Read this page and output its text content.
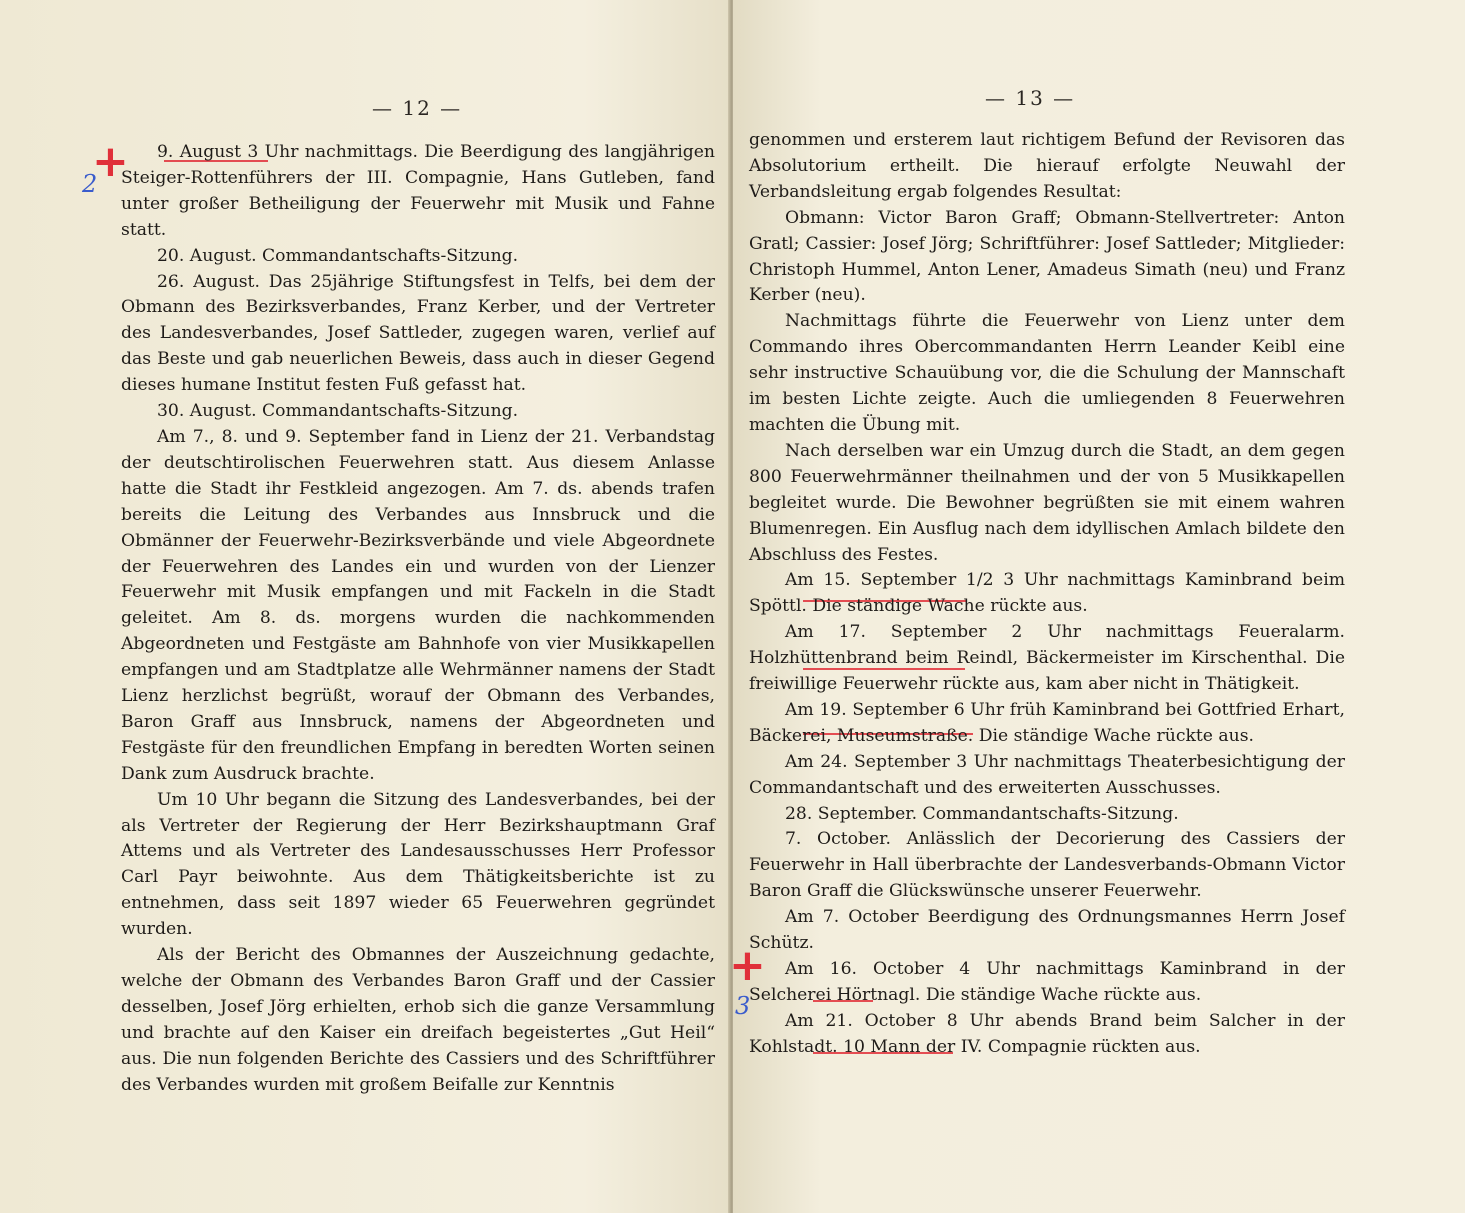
— 12 —
+
2

9. August 3 Uhr nachmittags. Die Beerdigung des langjährigen Steiger-Rottenführers der III. Compagnie, Hans Gutleben, fand unter großer Betheiligung der Feuerwehr mit Musik und Fahne statt.

20. August. Commandantschafts-Sitzung.

26. August. Das 25jährige Stiftungsfest in Telfs, bei dem der Obmann des Bezirksverbandes, Franz Kerber, und der Vertreter des Landesverbandes, Josef Sattleder, zugegen waren, verlief auf das Beste und gab neuerlichen Beweis, dass auch in dieser Gegend dieses humane Institut festen Fuß gefasst hat.

30. August. Commandantschafts-Sitzung.

Am 7., 8. und 9. September fand in Lienz der 21. Verbandstag der deutschtirolischen Feuerwehren statt. Aus diesem Anlasse hatte die Stadt ihr Festkleid angezogen. Am 7. ds. abends trafen bereits die Leitung des Verbandes aus Innsbruck und die Obmänner der Feuerwehr-Bezirksverbände und viele Abgeordnete der Feuerwehren des Landes ein und wurden von der Lienzer Feuerwehr mit Musik empfangen und mit Fackeln in die Stadt geleitet. Am 8. ds. morgens wurden die nachkommenden Abgeordneten und Festgäste am Bahnhofe von vier Musikkapellen empfangen und am Stadtplatze alle Wehrmänner namens der Stadt Lienz herzlichst begrüßt, worauf der Obmann des Verbandes, Baron Graff aus Innsbruck, namens der Abgeordneten und Festgäste für den freundlichen Empfang in beredten Worten seinen Dank zum Ausdruck brachte.

Um 10 Uhr begann die Sitzung des Landesverbandes, bei der als Vertreter der Regierung der Herr Bezirkshauptmann Graf Attems und als Vertreter des Landesausschusses Herr Professor Carl Payr beiwohnte. Aus dem Thätigkeitsberichte ist zu entnehmen, dass seit 1897 wieder 65 Feuerwehren gegründet wurden.

Als der Bericht des Obmannes der Auszeichnung gedachte, welche der Obmann des Verbandes Baron Graff und der Cassier desselben, Josef Jörg erhielten, erhob sich die ganze Versammlung und brachte auf den Kaiser ein dreifach begeistertes „Gut Heil“ aus. Die nun folgenden Berichte des Cassiers und des Schriftführer des Verbandes wurden mit großem Beifalle zur Kenntnis

— 13 —
+
3

genommen und ersterem laut richtigem Befund der Revisoren das Absolutorium ertheilt. Die hierauf erfolgte Neuwahl der Verbandsleitung ergab folgendes Resultat:

Obmann: Victor Baron Graff; Obmann-Stellvertreter: Anton Gratl; Cassier: Josef Jörg; Schriftführer: Josef Sattleder; Mitglieder: Christoph Hummel, Anton Lener, Amadeus Simath (neu) und Franz Kerber (neu).

Nachmittags führte die Feuerwehr von Lienz unter dem Commando ihres Obercommandanten Herrn Leander Keibl eine sehr instructive Schauübung vor, die die Schulung der Mannschaft im besten Lichte zeigte. Auch die umliegenden 8 Feuerwehren machten die Übung mit.

Nach derselben war ein Umzug durch die Stadt, an dem gegen 800 Feuerwehrmänner theilnahmen und der von 5 Musikkapellen begleitet wurde. Die Bewohner begrüßten sie mit einem wahren Blumenregen. Ein Ausflug nach dem idyllischen Amlach bildete den Abschluss des Festes.

Am 15. September 1/2 3 Uhr nachmittags Kaminbrand beim Spöttl. Die ständige Wache rückte aus.

Am 17. September 2 Uhr nachmittags Feueralarm. Holzhüttenbrand beim Reindl, Bäckermeister im Kirschenthal. Die freiwillige Feuerwehr rückte aus, kam aber nicht in Thätigkeit.

Am 19. September 6 Uhr früh Kaminbrand bei Gottfried Erhart, Bäckerei, Museumstraße. Die ständige Wache rückte aus.

Am 24. September 3 Uhr nachmittags Theaterbesichtigung der Commandantschaft und des erweiterten Ausschusses.

28. September. Commandantschafts-Sitzung.

7. October. Anlässlich der Decorierung des Cassiers der Feuerwehr in Hall überbrachte der Landesverbands-Obmann Victor Baron Graff die Glückswünsche unserer Feuerwehr.

Am 7. October Beerdigung des Ordnungsmannes Herrn Josef Schütz.

Am 16. October 4 Uhr nachmittags Kaminbrand in der Selcherei Hörtnagl. Die ständige Wache rückte aus.

Am 21. October 8 Uhr abends Brand beim Salcher in der Kohlstadt. 10 Mann der IV. Compagnie rückten aus.
